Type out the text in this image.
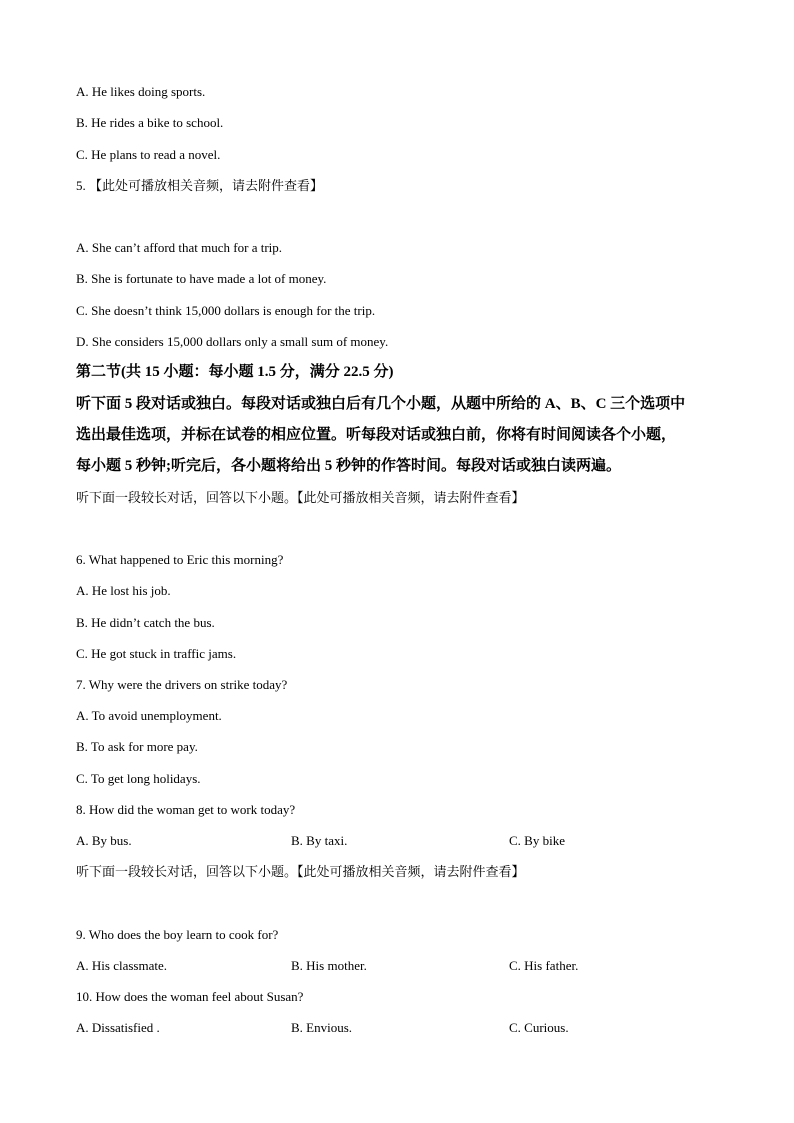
A. He likes doing sports.
B. He rides a bike to school.
C. He plans to read a novel.
5. 【此处可播放相关音频，请去附件查看】
A. She can’t afford that much for a trip.
B. She is fortunate to have made a lot of money.
C. She doesn’t think 15,000 dollars is enough for the trip.
D. She considers 15,000 dollars only a small sum of money.
第二节(共 15 小题：每小题 1.5 分，满分 22.5 分)
听下面 5 段对话或独白。每段对话或独白后有几个小题，从题中所给的 A、B、C 三个选项中
选出最佳选项，并标在试卷的相应位置。听每段对话或独白前，你将有时间阅读各个小题，
每小题 5 秒钟;听完后，各小题将给出 5 秒钟的作答时间。每段对话或独白读两遍。
听下面一段较长对话，回答以下小题。【此处可播放相关音频，请去附件查看】
6. What happened to Eric this morning?
A. He lost his job.
B. He didn’t catch the bus.
C. He got stuck in traffic jams.
7. Why were the drivers on strike today?
A. To avoid unemployment.
B. To ask for more pay.
C. To get long holidays.
8. How did the woman get to work today?
A. By bus.	B. By taxi.	C. By bike
听下面一段较长对话，回答以下小题。【此处可播放相关音频，请去附件查看】
9. Who does the boy learn to cook for?
A. His classmate.	B. His mother.	C. His father.
10. How does the woman feel about Susan?
A. Dissatisfied .	B. Envious.	C. Curious.
